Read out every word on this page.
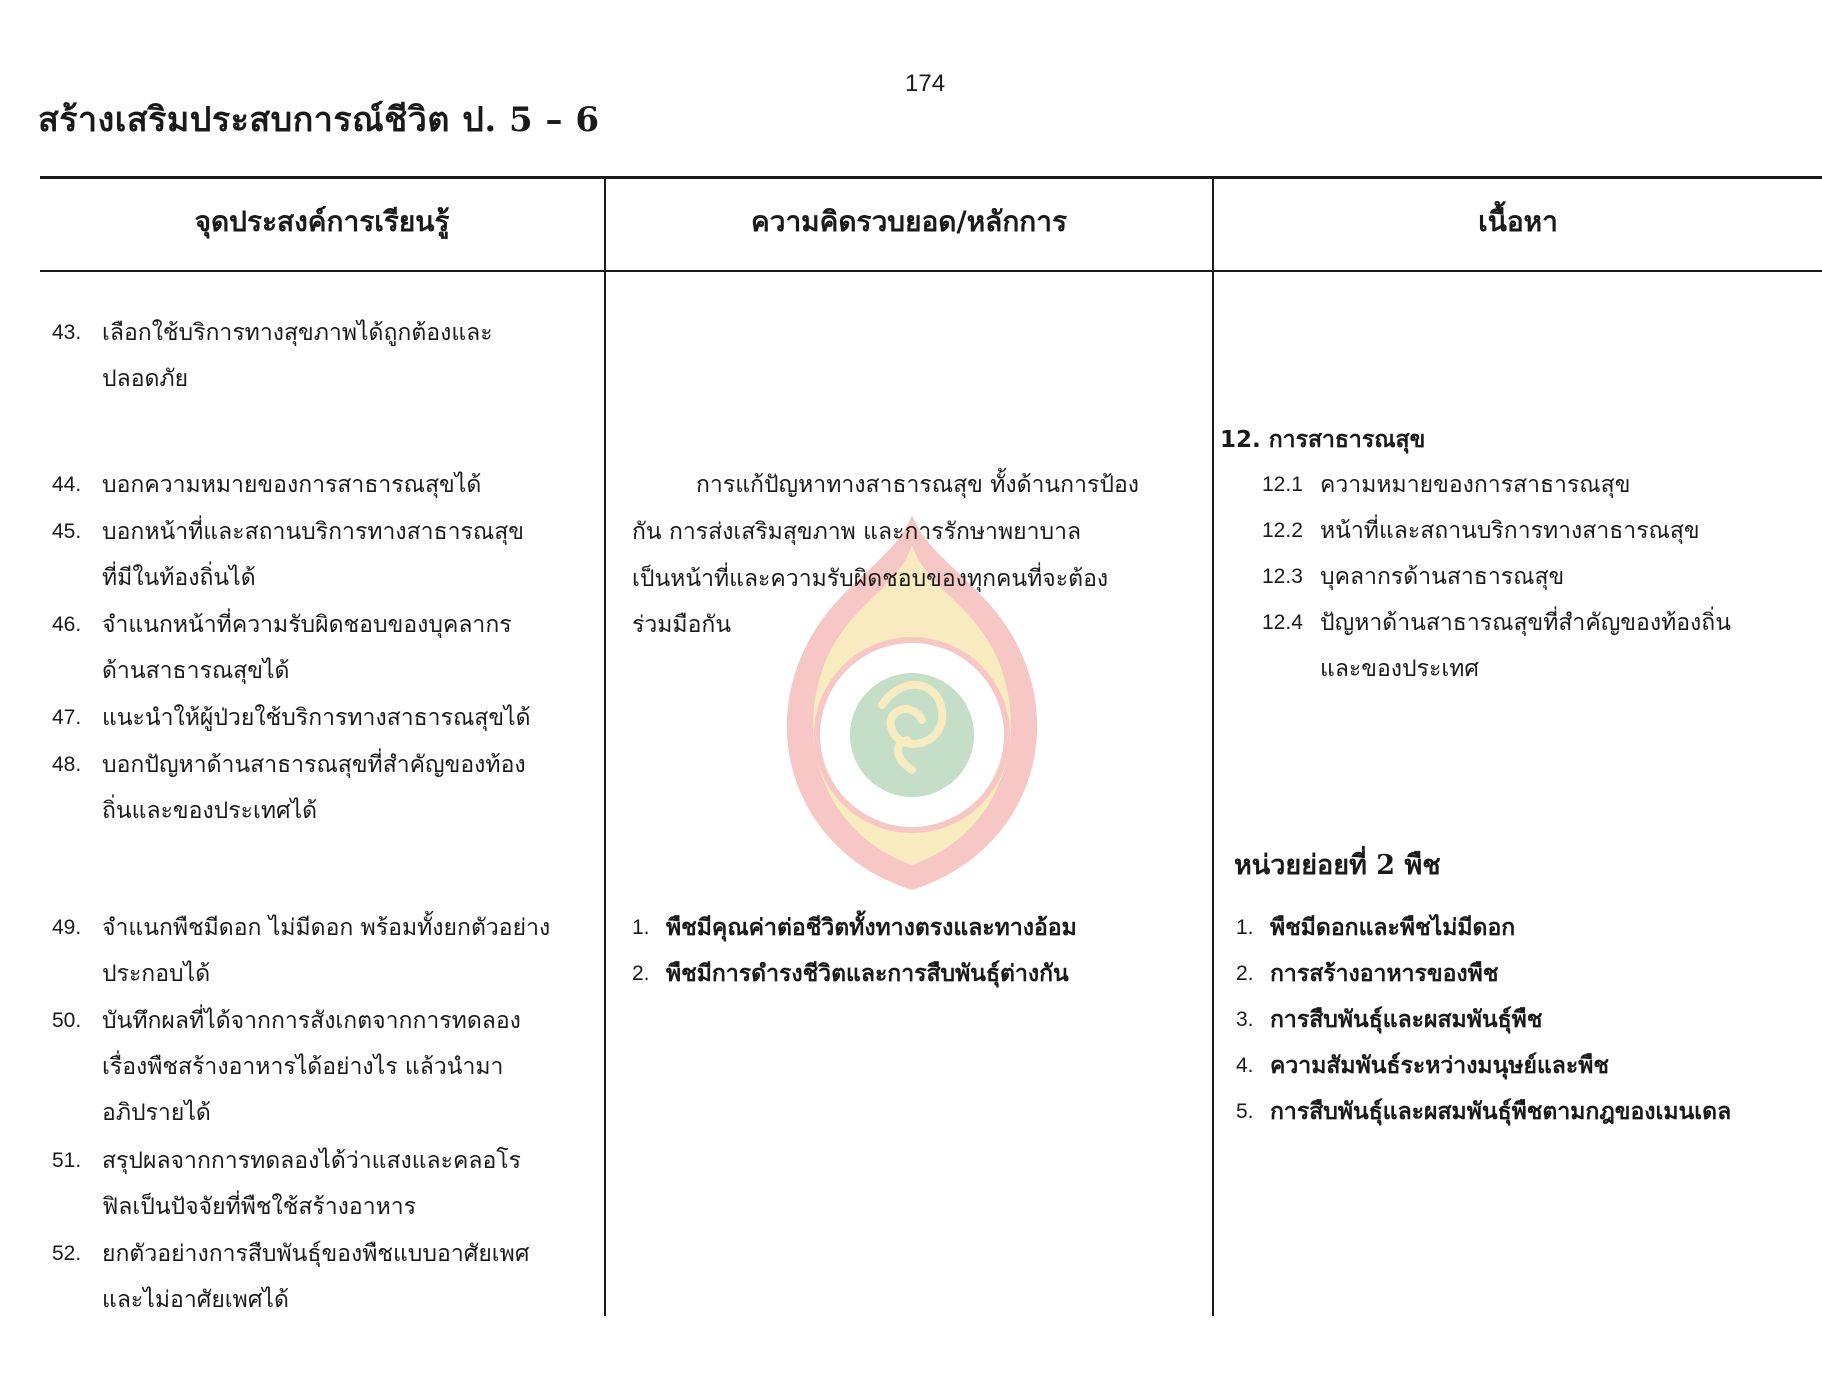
174
สร้างเสริมประสบการณ์ชีวิต ป. 5 – 6
จุดประสงค์การเรียนรู้	ความคิดรวบยอด/หลักการ	เนื้อหา
43. เลือกใช้บริการทางสุขภาพได้ถูกต้องและ
ปลอดภัย
44. บอกความหมายของการสาธารณสุขได้
45. บอกหน้าที่และสถานบริการทางสาธารณสุข
ที่มีในท้องถิ่นได้
46. จำแนกหน้าที่ความรับผิดชอบของบุคลากร
ด้านสาธารณสุขได้
47. แนะนำให้ผู้ป่วยใช้บริการทางสาธารณสุขได้
48. บอกปัญหาด้านสาธารณสุขที่สำคัญของท้อง
ถิ่นและของประเทศได้
49. จำแนกพืชมีดอก ไม่มีดอก พร้อมทั้งยกตัวอย่าง
ประกอบได้
50. บันทึกผลที่ได้จากการสังเกตจากการทดลอง
เรื่องพืชสร้างอาหารได้อย่างไร แล้วนำมา
อภิปรายได้
51. สรุปผลจากการทดลองได้ว่าแสงและคลอโร
ฟิลเป็นปัจจัยที่พืชใช้สร้างอาหาร
52. ยกตัวอย่างการสืบพันธุ์ของพืชแบบอาศัยเพศ
และไม่อาศัยเพศได้
การแก้ปัญหาทางสาธารณสุข ทั้งด้านการป้อง
กัน การส่งเสริมสุขภาพ และการรักษาพยาบาล
เป็นหน้าที่และความรับผิดชอบของทุกคนที่จะต้อง
ร่วมมือกัน
1. พืชมีคุณค่าต่อชีวิตทั้งทางตรงและทางอ้อม
2. พืชมีการดำรงชีวิตและการสืบพันธุ์ต่างกัน
12. การสาธารณสุข
12.1 ความหมายของการสาธารณสุข
12.2 หน้าที่และสถานบริการทางสาธารณสุข
12.3 บุคลากรด้านสาธารณสุข
12.4 ปัญหาด้านสาธารณสุขที่สำคัญของท้องถิ่น
และของประเทศ
หน่วยย่อยที่ 2 พืช
1. พืชมีดอกและพืชไม่มีดอก
2. การสร้างอาหารของพืช
3. การสืบพันธุ์และผสมพันธุ์พืช
4. ความสัมพันธ์ระหว่างมนุษย์และพืช
5. การสืบพันธุ์และผสมพันธุ์พืชตามกฎของเมนเดล
